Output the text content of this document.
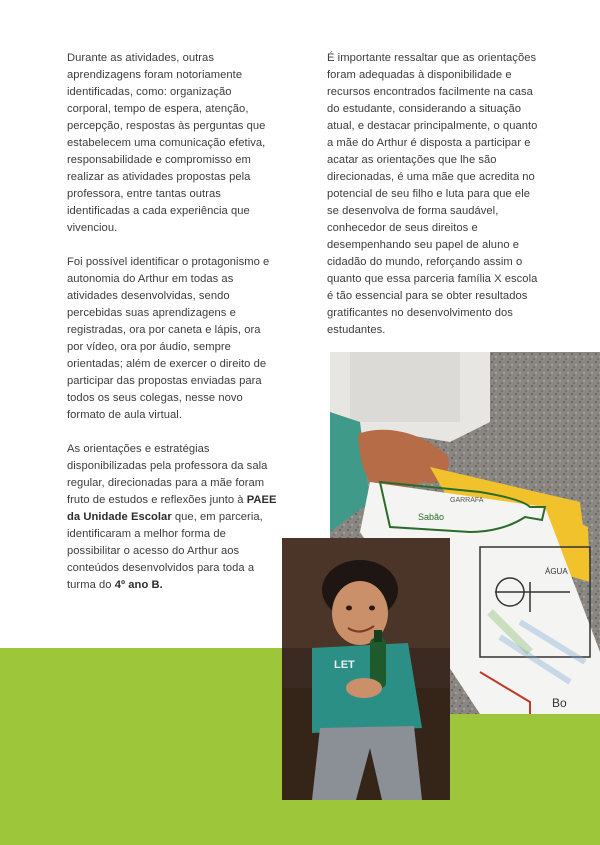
Durante as atividades, outras aprendizagens foram notoriamente identificadas, como: organização corporal, tempo de espera, atenção, percepção, respostas às perguntas que estabelecem uma comunicação efetiva, responsabilidade e compromisso em realizar as atividades propostas pela professora, entre tantas outras identificadas a cada experiência que vivenciou.

Foi possível identificar o protagonismo e autonomia do Arthur em todas as atividades desenvolvidas, sendo percebidas suas aprendizagens e registradas, ora por caneta e lápis, ora por vídeo, ora por áudio, sempre orientadas; além de exercer o direito de participar das propostas enviadas para todos os seus colegas, nesse novo formato de aula virtual.

As orientações e estratégias disponibilizadas pela professora da sala regular, direcionadas para a mãe foram fruto de estudos e reflexões junto à PAEE da Unidade Escolar que, em parceria, identificaram a melhor forma de possibilitar o acesso do Arthur aos conteúdos desenvolvidos para toda a turma do 4º ano B.

É importante ressaltar que as orientações foram adequadas à disponibilidade e recursos encontrados facilmente na casa do estudante, considerando a situação atual, e destacar principalmente, o quanto a mãe do Arthur é disposta a participar e acatar as orientações que lhe são direcionadas, é uma mãe que acredita no potencial de seu filho e luta para que ele se desenvolva de forma saudável, conhecedor de seus direitos e desempenhando seu papel de aluno e cidadão do mundo, reforçando assim o quanto que essa parceria família X escola é tão essencial para se obter resultados gratificantes no desenvolvimento dos estudantes.

GARRAFA
Sabão
ÁGUA
Bo
LET
